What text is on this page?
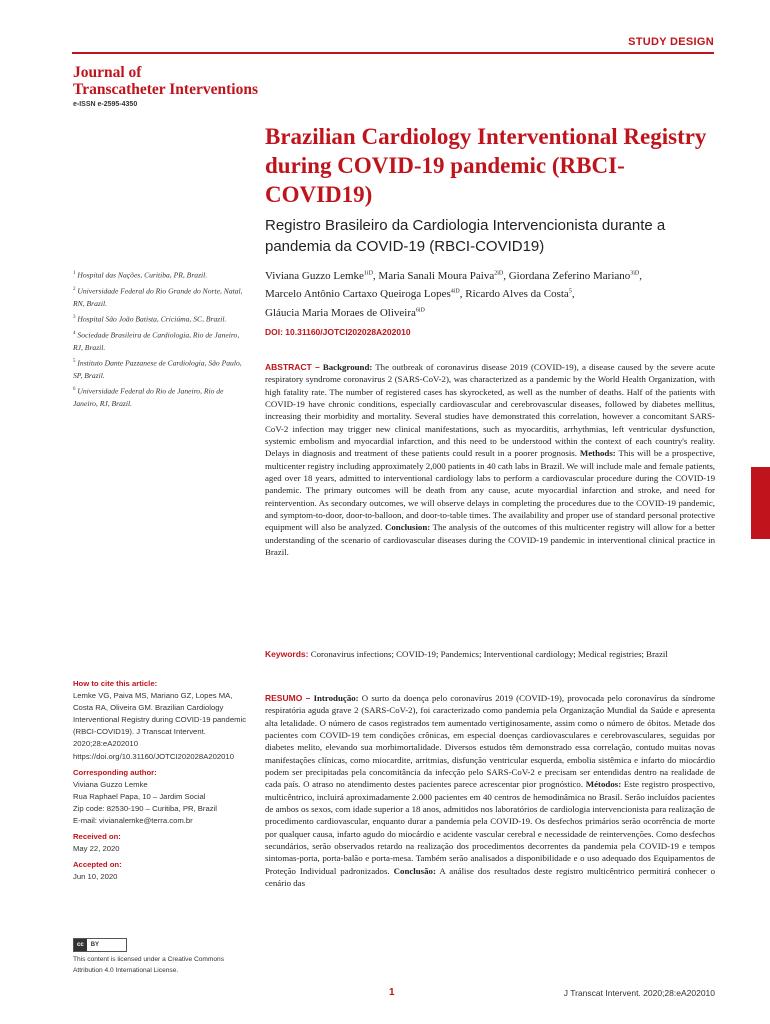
STUDY DESIGN
Journal of
Transcatheter Interventions
e-ISSN e-2595-4350
Brazilian Cardiology Interventional Registry during COVID-19 pandemic (RBCI-COVID19)
Registro Brasileiro da Cardiologia Intervencionista durante a pandemia da COVID-19 (RBCI-COVID19)
Viviana Guzzo Lemke$^{1iD}$, Maria Sanali Moura Paiva$^{2iD}$, Giordana Zeferino Mariano$^{3iD}$,
Marcelo Antônio Cartaxo Queiroga Lopes$^{4iD}$, Ricardo Alves da Costa$^5$,
Gláucia Maria Moraes de Oliveira$^{6iD}$
DOI: 10.31160/JOTCI202028A202010

$^1$ Hospital das Nações, Curitiba, PR, Brazil.

$^2$ Universidade Federal do Rio Grande do Norte, Natal, RN, Brazil.

$^3$ Hospital São João Batista, Criciúma, SC, Brazil.

$^4$ Sociedade Brasileira de Cardiologia, Rio de Janeiro, RJ, Brazil.

$^5$ Instituto Dante Pazzanese de Cardiologia, São Paulo, SP, Brazil.

$^6$ Universidade Federal do Rio de Janeiro, Rio de Janeiro, RJ, Brazil.

ABSTRACT – Background: The outbreak of coronavirus disease 2019 (COVID-19), a disease caused by the severe acute respiratory syndrome coronavirus 2 (SARS-CoV-2), was characterized as a pandemic by the World Health Organization, with high fatality rate. The number of registered cases has skyrocketed, as well as the number of deaths. Half of the patients with COVID-19 have chronic conditions, especially cardiovascular and cerebrovascular diseases, followed by diabetes mellitus, increasing their morbidity and mortality. Several studies have demonstrated this correlation, however a concomitant SARS-CoV-2 infection may trigger new clinical manifestations, such as myocarditis, arrhythmias, left ventricular dysfunction, systemic embolism and myocardial infarction, and this need to be understood within the context of each country's reality. Delays in diagnosis and treatment of these patients could result in a poorer prognosis. Methods: This will be a prospective, multicenter registry including approximately 2,000 patients in 40 cath labs in Brazil. We will include male and female patients, aged over 18 years, admitted to interventional cardiology labs to perform a cardiovascular procedure during the COVID-19 pandemic. The primary outcomes will be death from any cause, acute myocardial infarction and stroke, and need for reintervention. As secondary outcomes, we will observe delays in completing the procedures due to the COVID-19 pandemic, and symptom-to-door, door-to-balloon, and door-to-table times. The availability and proper use of standard personal protective equipment will also be analyzed. Conclusion: The analysis of the outcomes of this multicenter registry will allow for a better understanding of the scenario of cardiovascular diseases during the COVID-19 pandemic in interventional clinical practice in Brazil.
Keywords: Coronavirus infections; COVID-19; Pandemics; Interventional cardiology; Medical registries; Brazil
RESUMO – Introdução: O surto da doença pelo coronavírus 2019 (COVID-19), provocada pelo coronavírus da síndrome respiratória aguda grave 2 (SARS-CoV-2), foi caracterizado como pandemia pela Organização Mundial da Saúde e apresenta alta letalidade. O número de casos registrados tem aumentado vertiginosamente, assim como o número de óbitos. Metade dos pacientes com COVID-19 tem condições crônicas, em especial doenças cardiovasculares e cerebrovasculares, seguidas por diabetes melito, elevando sua morbimortalidade. Diversos estudos têm demonstrado essa correlação, contudo muitas novas manifestações clínicas, como miocardite, arritmias, disfunção ventricular esquerda, embolia sistêmica e infarto do miocárdio podem ser precipitadas pela concomitância da infecção pelo SARS-CoV-2 e precisam ser entendidas dentro na realidade de cada país. O atraso no atendimento destes pacientes parece acrescentar pior prognóstico. Métodos: Este registro prospectivo, multicêntrico, incluirá aproximadamente 2.000 pacientes em 40 centros de hemodinâmica no Brasil. Serão incluídos pacientes de ambos os sexos, com idade superior a 18 anos, admitidos nos laboratórios de cardiologia intervencionista para realização de procedimento cardiovascular, enquanto durar a pandemia pela COVID-19. Os desfechos primários serão ocorrência de morte por qualquer causa, infarto agudo do miocárdio e acidente vascular cerebral e necessidade de reintervenções. Como desfechos secundários, serão observados retardo na realização dos procedimentos decorrentes da pandemia pela COVID-19 e tempos sintomas-porta, porta-balão e porta-mesa. Também serão analisados a disponibilidade e o uso adequado dos Equipamentos de Proteção Individual padronizados. Conclusão: A análise dos resultados deste registro multicêntrico permitirá conhecer o cenário das
How to cite this article:
Lemke VG, Paiva MS, Mariano GZ, Lopes MA, Costa RA, Oliveira GM. Brazilian Cardiology Interventional Registry during COVID-19 pandemic (RBCI-COVID19). J Transcat Intervent. 2020;28:eA202010 https://doi.org/10.31160/JOTCI202028A202010
Corresponding author:
Viviana Guzzo Lemke
Rua Raphael Papa, 10 – Jardim Social
Zip code: 82530-190 – Curitiba, PR, Brazil
E-mail: vivianalemke@terra.com.br
Received on:
May 22, 2020
Accepted on:
Jun 10, 2020
cc	BY
This content is licensed under a Creative Commons Attribution 4.0 International License.
1	J Transcat Intervent. 2020;28:eA202010
